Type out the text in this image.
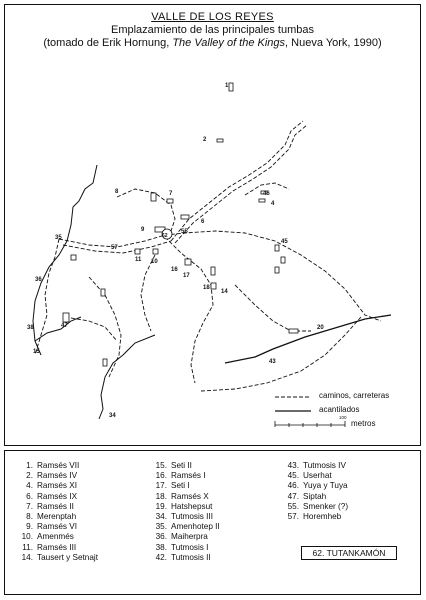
VALLE DE LOS REYES
Emplazamiento de las principales tumbas
(tomado de Erik Hornung, The Valley of the Kings, Nueva York, 1990)
1
2
4
6
7
8
9
10
11
14
15
16
17
18
20
34
35
36
38
43
45
46
47
55
57
62
100
caminos, carreteras
acantilados
metros
1. Ramsés VII
2. Ramsés IV
4. Ramsés XI
6. Ramsés IX
7. Ramsés II
8. Merenptah
9. Ramsés VI
10. Amenmés
11. Ramsés III
14. Tausert y Setnajt
15. Seti II
16. Ramsés I
17. Seti I
18. Ramsés X
19. Hatshepsut
34. Tutmosis III
35. Amenhotep II
36. Maiherpra
38. Tutmosis I
42. Tutmosis II
43. Tutmosis IV
45. Userhat
46. Yuya y Tuya
47. Siptah
55. Smenker (?)
57. Horemheb
62. TUTANKAMÓN
